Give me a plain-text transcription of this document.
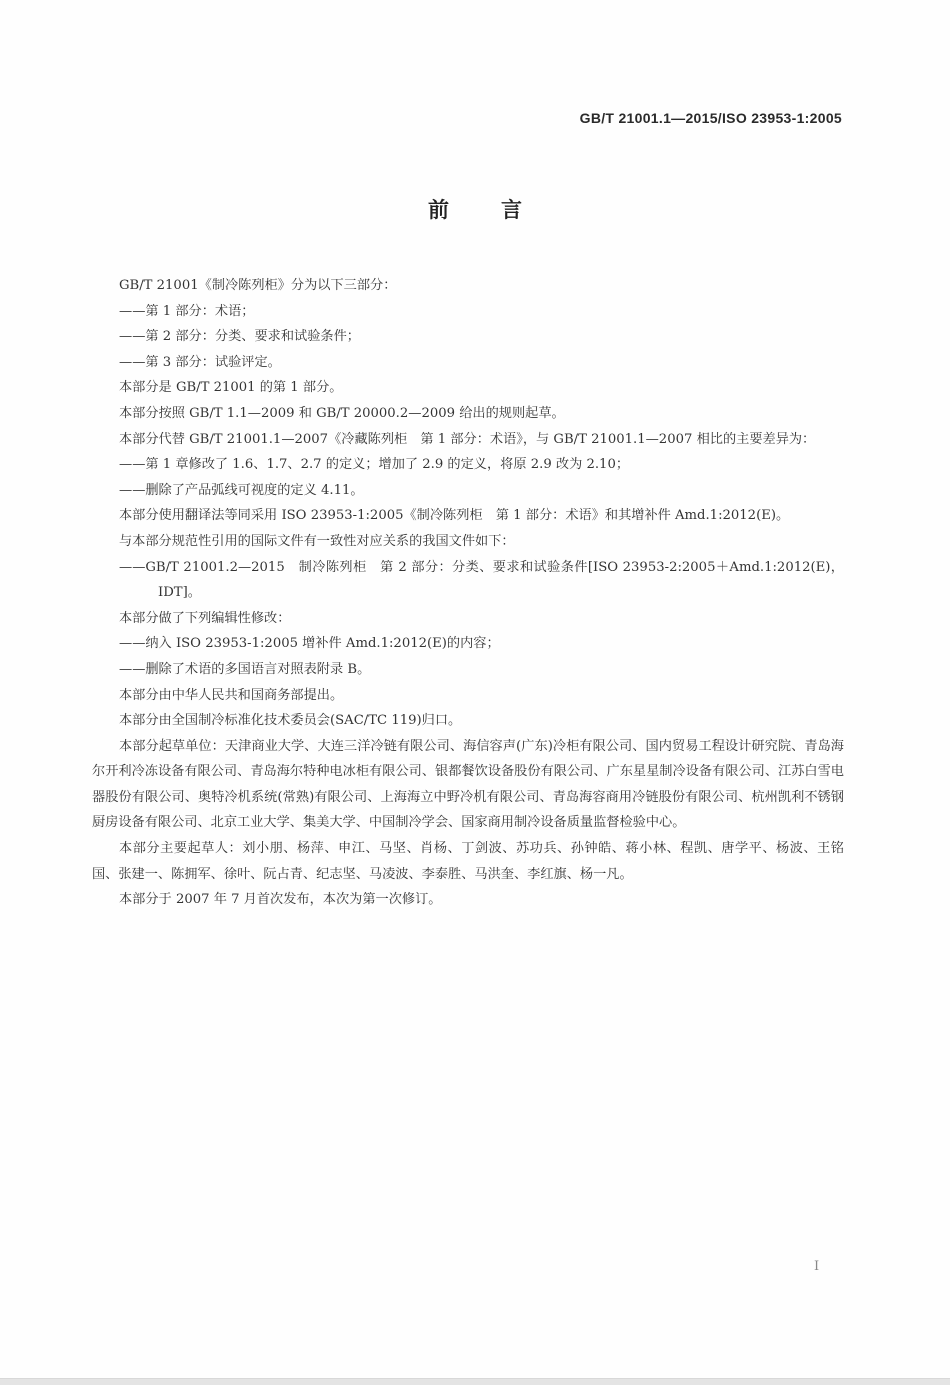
GB/T 21001.1—2015/ISO 23953-1:2005
前言

GB/T 21001《制冷陈列柜》分为以下三部分：

——第 1 部分：术语；

——第 2 部分：分类、要求和试验条件；

——第 3 部分：试验评定。

本部分是 GB/T 21001 的第 1 部分。

本部分按照 GB/T 1.1—2009 和 GB/T 20000.2—2009 给出的规则起草。

本部分代替 GB/T 21001.1—2007《冷藏陈列柜　第 1 部分：术语》，与 GB/T 21001.1—2007 相比的主要差异为：

——第 1 章修改了 1.6、1.7、2.7 的定义；增加了 2.9 的定义，将原 2.9 改为 2.10；

——删除了产品弧线可视度的定义 4.11。

本部分使用翻译法等同采用 ISO 23953-1:2005《制冷陈列柜　第 1 部分：术语》和其增补件 Amd.1:2012(E)。

与本部分规范性引用的国际文件有一致性对应关系的我国文件如下：

——GB/T 21001.2—2015　制冷陈列柜　第 2 部分：分类、要求和试验条件[ISO 23953-2:2005＋Amd.1:2012(E)，IDT]。

本部分做了下列编辑性修改：

——纳入 ISO 23953-1:2005 增补件 Amd.1:2012(E)的内容；

——删除了术语的多国语言对照表附录 B。

本部分由中华人民共和国商务部提出。

本部分由全国制冷标准化技术委员会(SAC/TC 119)归口。

本部分起草单位：天津商业大学、大连三洋冷链有限公司、海信容声(广东)冷柜有限公司、国内贸易工程设计研究院、青岛海尔开利冷冻设备有限公司、青岛海尔特种电冰柜有限公司、银都餐饮设备股份有限公司、广东星星制冷设备有限公司、江苏白雪电器股份有限公司、奥特冷机系统(常熟)有限公司、上海海立中野冷机有限公司、青岛海容商用冷链股份有限公司、杭州凯利不锈钢厨房设备有限公司、北京工业大学、集美大学、中国制冷学会、国家商用制冷设备质量监督检验中心。

本部分主要起草人：刘小朋、杨萍、申江、马坚、肖杨、丁剑波、苏功兵、孙钟皓、蒋小林、程凯、唐学平、杨波、王铭国、张建一、陈拥军、徐叶、阮占青、纪志坚、马凌波、李泰胜、马洪奎、李红旗、杨一凡。

本部分于 2007 年 7 月首次发布，本次为第一次修订。

I
